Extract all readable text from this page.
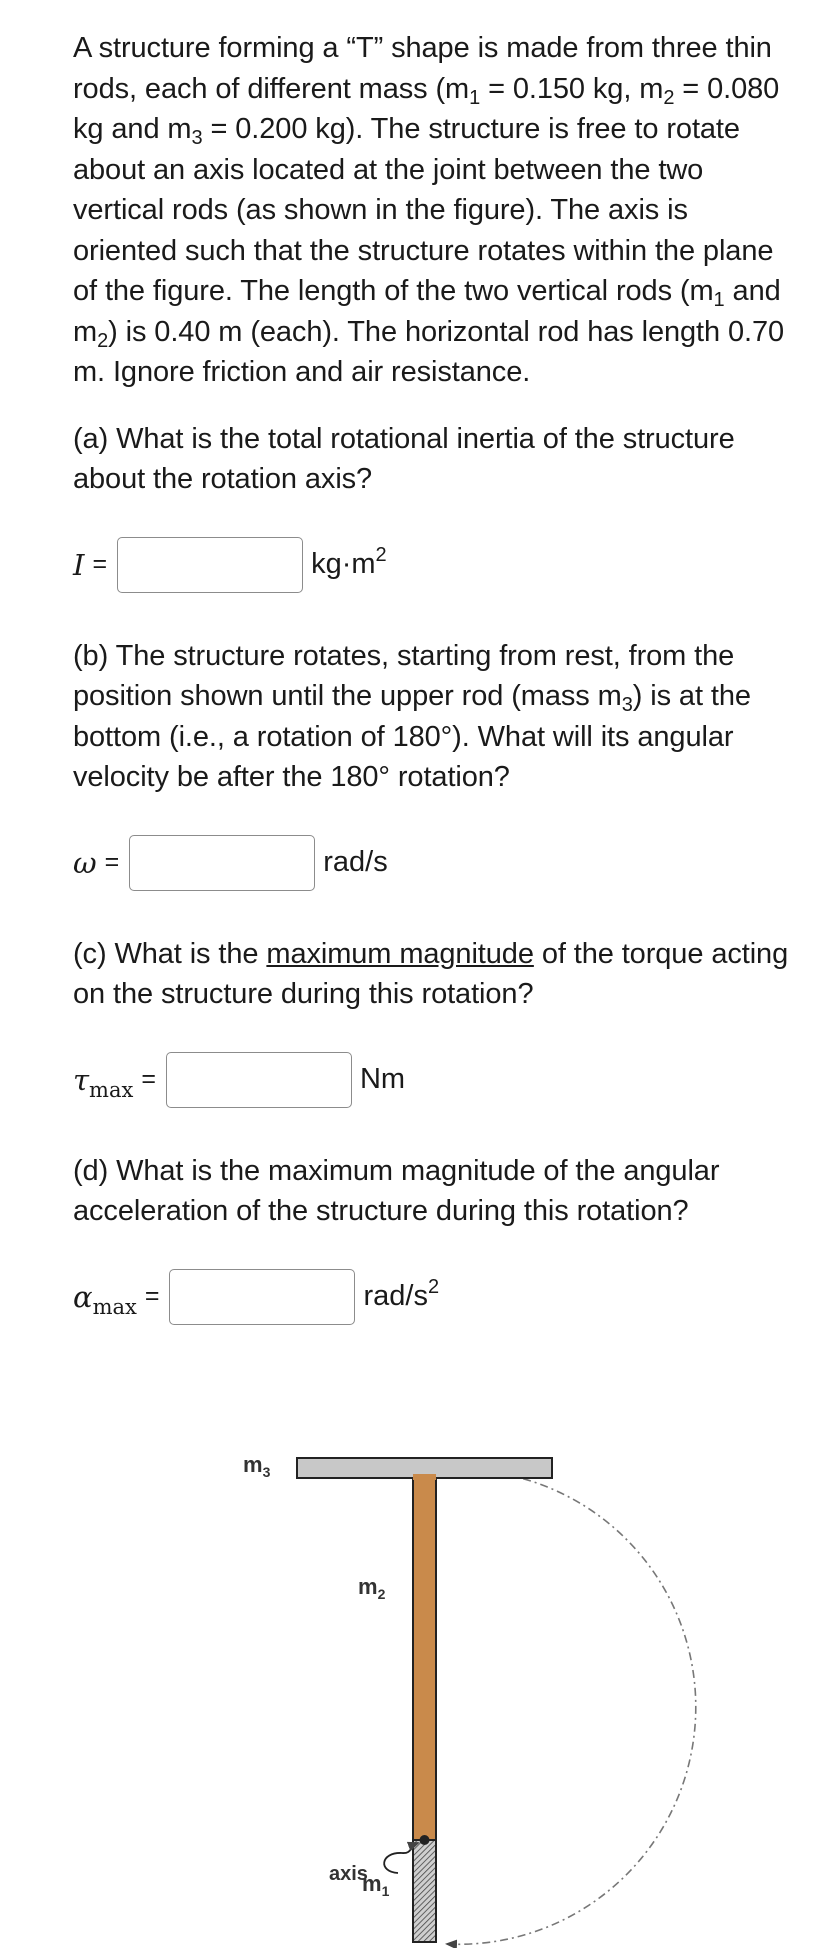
A structure forming a “T” shape is made from three thin rods, each of different mass ($m_1 = 0.150$ kg, $m_2 = 0.080$ kg and $m_3 = 0.200$ kg). The structure is free to rotate about an axis located at the joint between the two vertical rods (as shown in the figure). The axis is oriented such that the structure rotates within the plane of the figure. The length of the two vertical rods ($m_1$ and $m_2$) is 0.40 m (each). The horizontal rod has length 0.70 m. Ignore friction and air resistance.

(a) What is the total rotational inertia of the structure about the rotation axis?

I =	$kg\cdot m^2$

(b) The structure rotates, starting from rest, from the position shown until the upper rod (mass $m_3$) is at the bottom (i.e., a rotation of 180°). What will its angular velocity be after the 180° rotation?

ω =	rad/s

(c) What is the maximum magnitude of the torque acting on the structure during this rotation?

$\tau_{max}$ =	Nm

(d) What is the maximum magnitude of the angular acceleration of the structure during this rotation?

$\alpha_{max}$ =	rad/$s^2$
$m_3$
$m_2$
axis
$m_1$
